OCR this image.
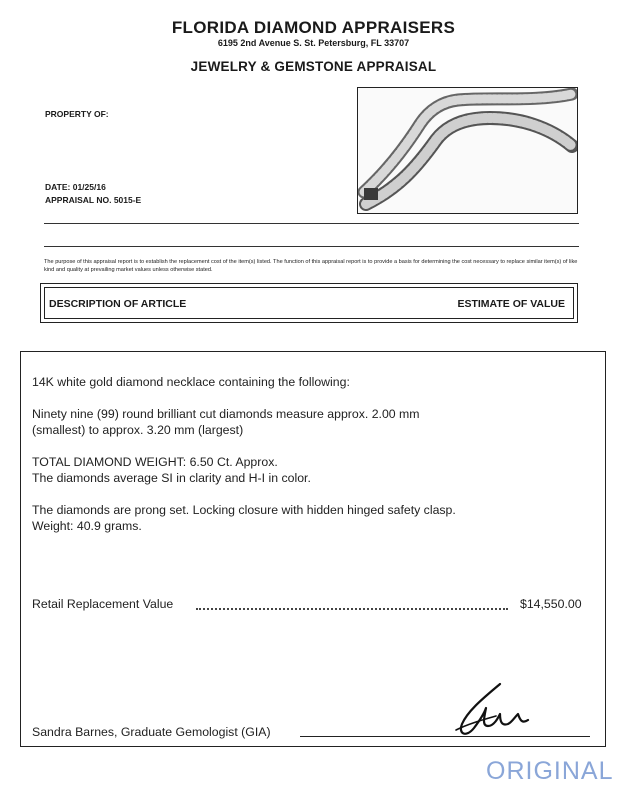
FLORIDA DIAMOND APPRAISERS
6195 2nd Avenue S. St. Petersburg, FL 33707
JEWELRY & GEMSTONE APPRAISAL
PROPERTY OF:
DATE: 01/25/16
APPRAISAL NO. 5015-E
The purpose of this appraisal report is to establish the replacement cost of the item(s) listed. The function of this appraisal report is to provide a basis for determining the cost necessary to replace similar item(s) of like kind and quality at prevailing market values unless otherwise stated.
DESCRIPTION OF ARTICLE	ESTIMATE OF VALUE
14K white gold diamond necklace containing the following:
Ninety nine (99) round brilliant cut diamonds measure approx. 2.00 mm
(smallest) to approx. 3.20 mm (largest)
TOTAL DIAMOND WEIGHT: 6.50 Ct. Approx.
The diamonds average SI in clarity and H-I in color.
The diamonds are prong set. Locking closure with hidden hinged safety clasp.
Weight: 40.9 grams.
Retail Replacement Value	$14,550.00
Sandra Barnes, Graduate Gemologist (GIA)
ORIGINAL
